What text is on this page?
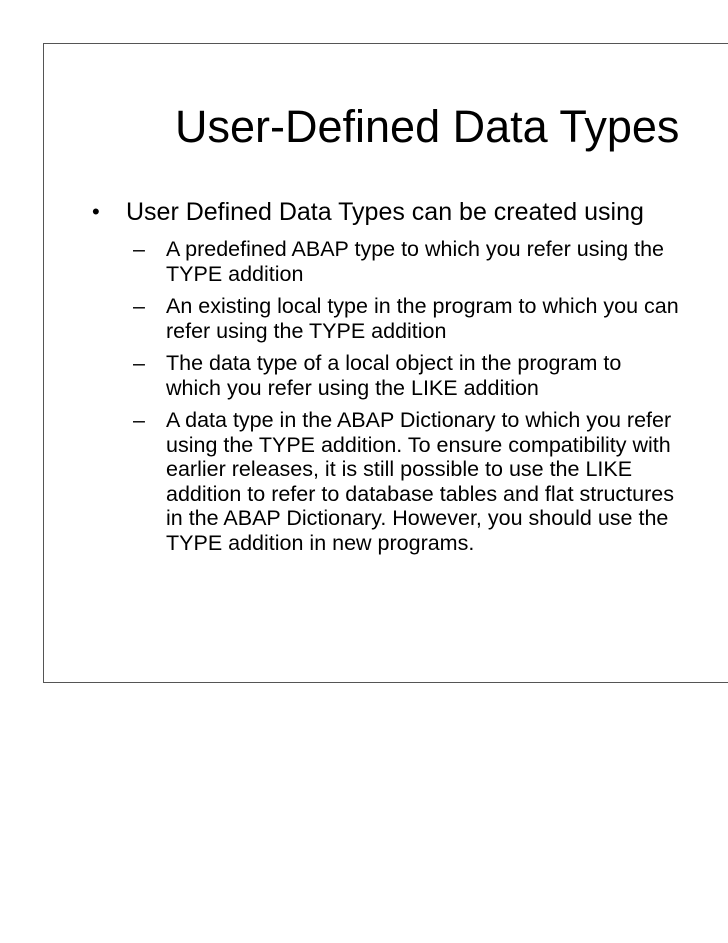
User-Defined Data Types
• User Defined Data Types can be created using
– A predefined ABAP type to which you refer using the
TYPE addition
– An existing local type in the program to which you can
refer using the TYPE addition
– The data type of a local object in the program to
which you refer using the LIKE addition
– A data type in the ABAP Dictionary to which you refer
using the TYPE addition. To ensure compatibility with
earlier releases, it is still possible to use the LIKE
addition to refer to database tables and flat structures
in the ABAP Dictionary. However, you should use the
TYPE addition in new programs.
